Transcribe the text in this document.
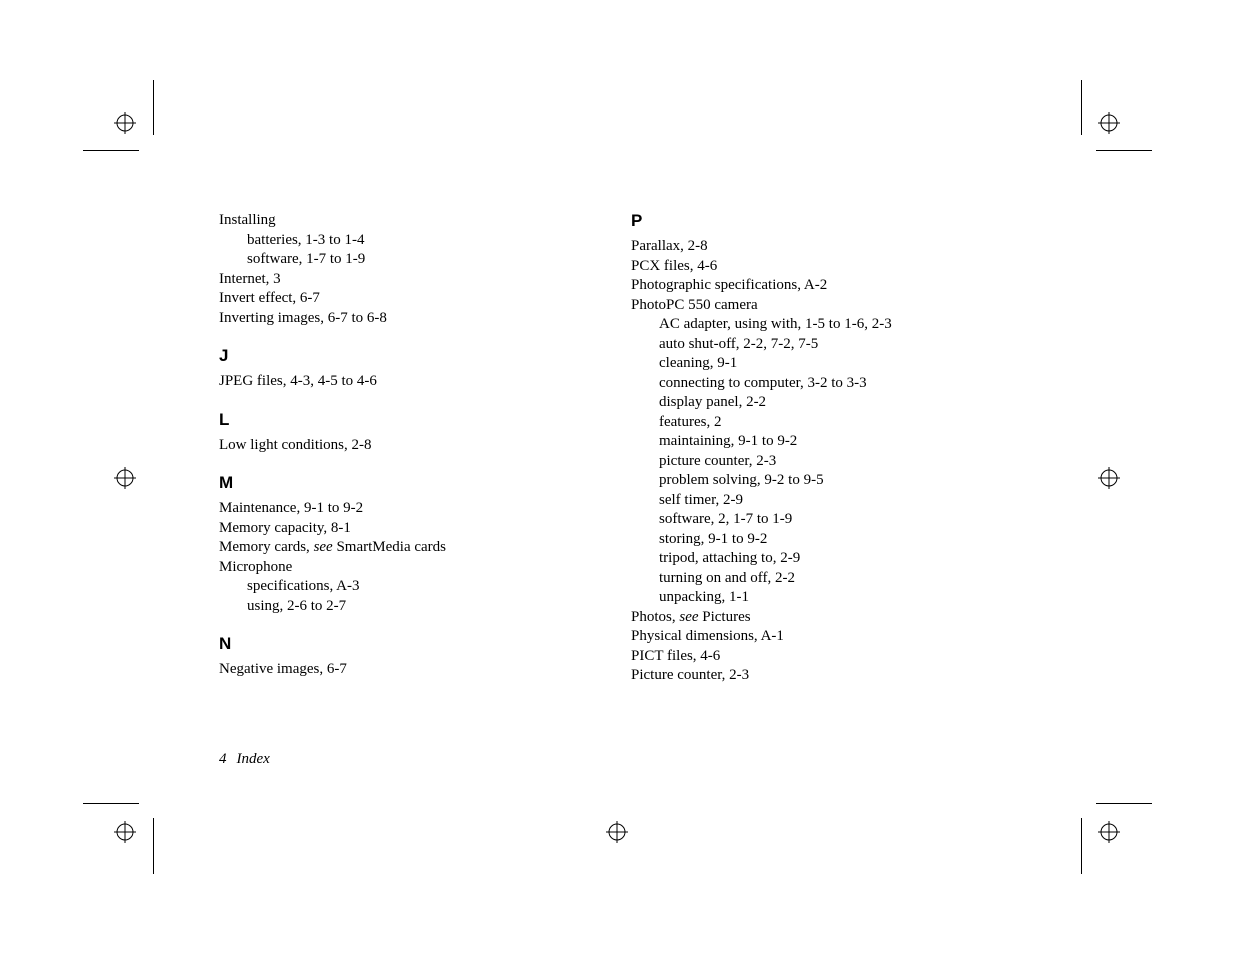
Installing
batteries, 1-3 to 1-4
software, 1-7 to 1-9
Internet, 3
Invert effect, 6-7
Inverting images, 6-7 to 6-8
J
JPEG files, 4-3, 4-5 to 4-6
L
Low light conditions, 2-8
M
Maintenance, 9-1 to 9-2
Memory capacity, 8-1
Memory cards, see SmartMedia cards
Microphone
specifications, A-3
using, 2-6 to 2-7
N
Negative images, 6-7
P
Parallax, 2-8
PCX files, 4-6
Photographic specifications, A-2
PhotoPC 550 camera
AC adapter, using with, 1-5 to 1-6, 2-3
auto shut-off, 2-2, 7-2, 7-5
cleaning, 9-1
connecting to computer, 3-2 to 3-3
display panel, 2-2
features, 2
maintaining, 9-1 to 9-2
picture counter, 2-3
problem solving, 9-2 to 9-5
self timer, 2-9
software, 2, 1-7 to 1-9
storing, 9-1 to 9-2
tripod, attaching to, 2-9
turning on and off, 2-2
unpacking, 1-1
Photos, see Pictures
Physical dimensions, A-1
PICT files, 4-6
Picture counter, 2-3
4 Index
